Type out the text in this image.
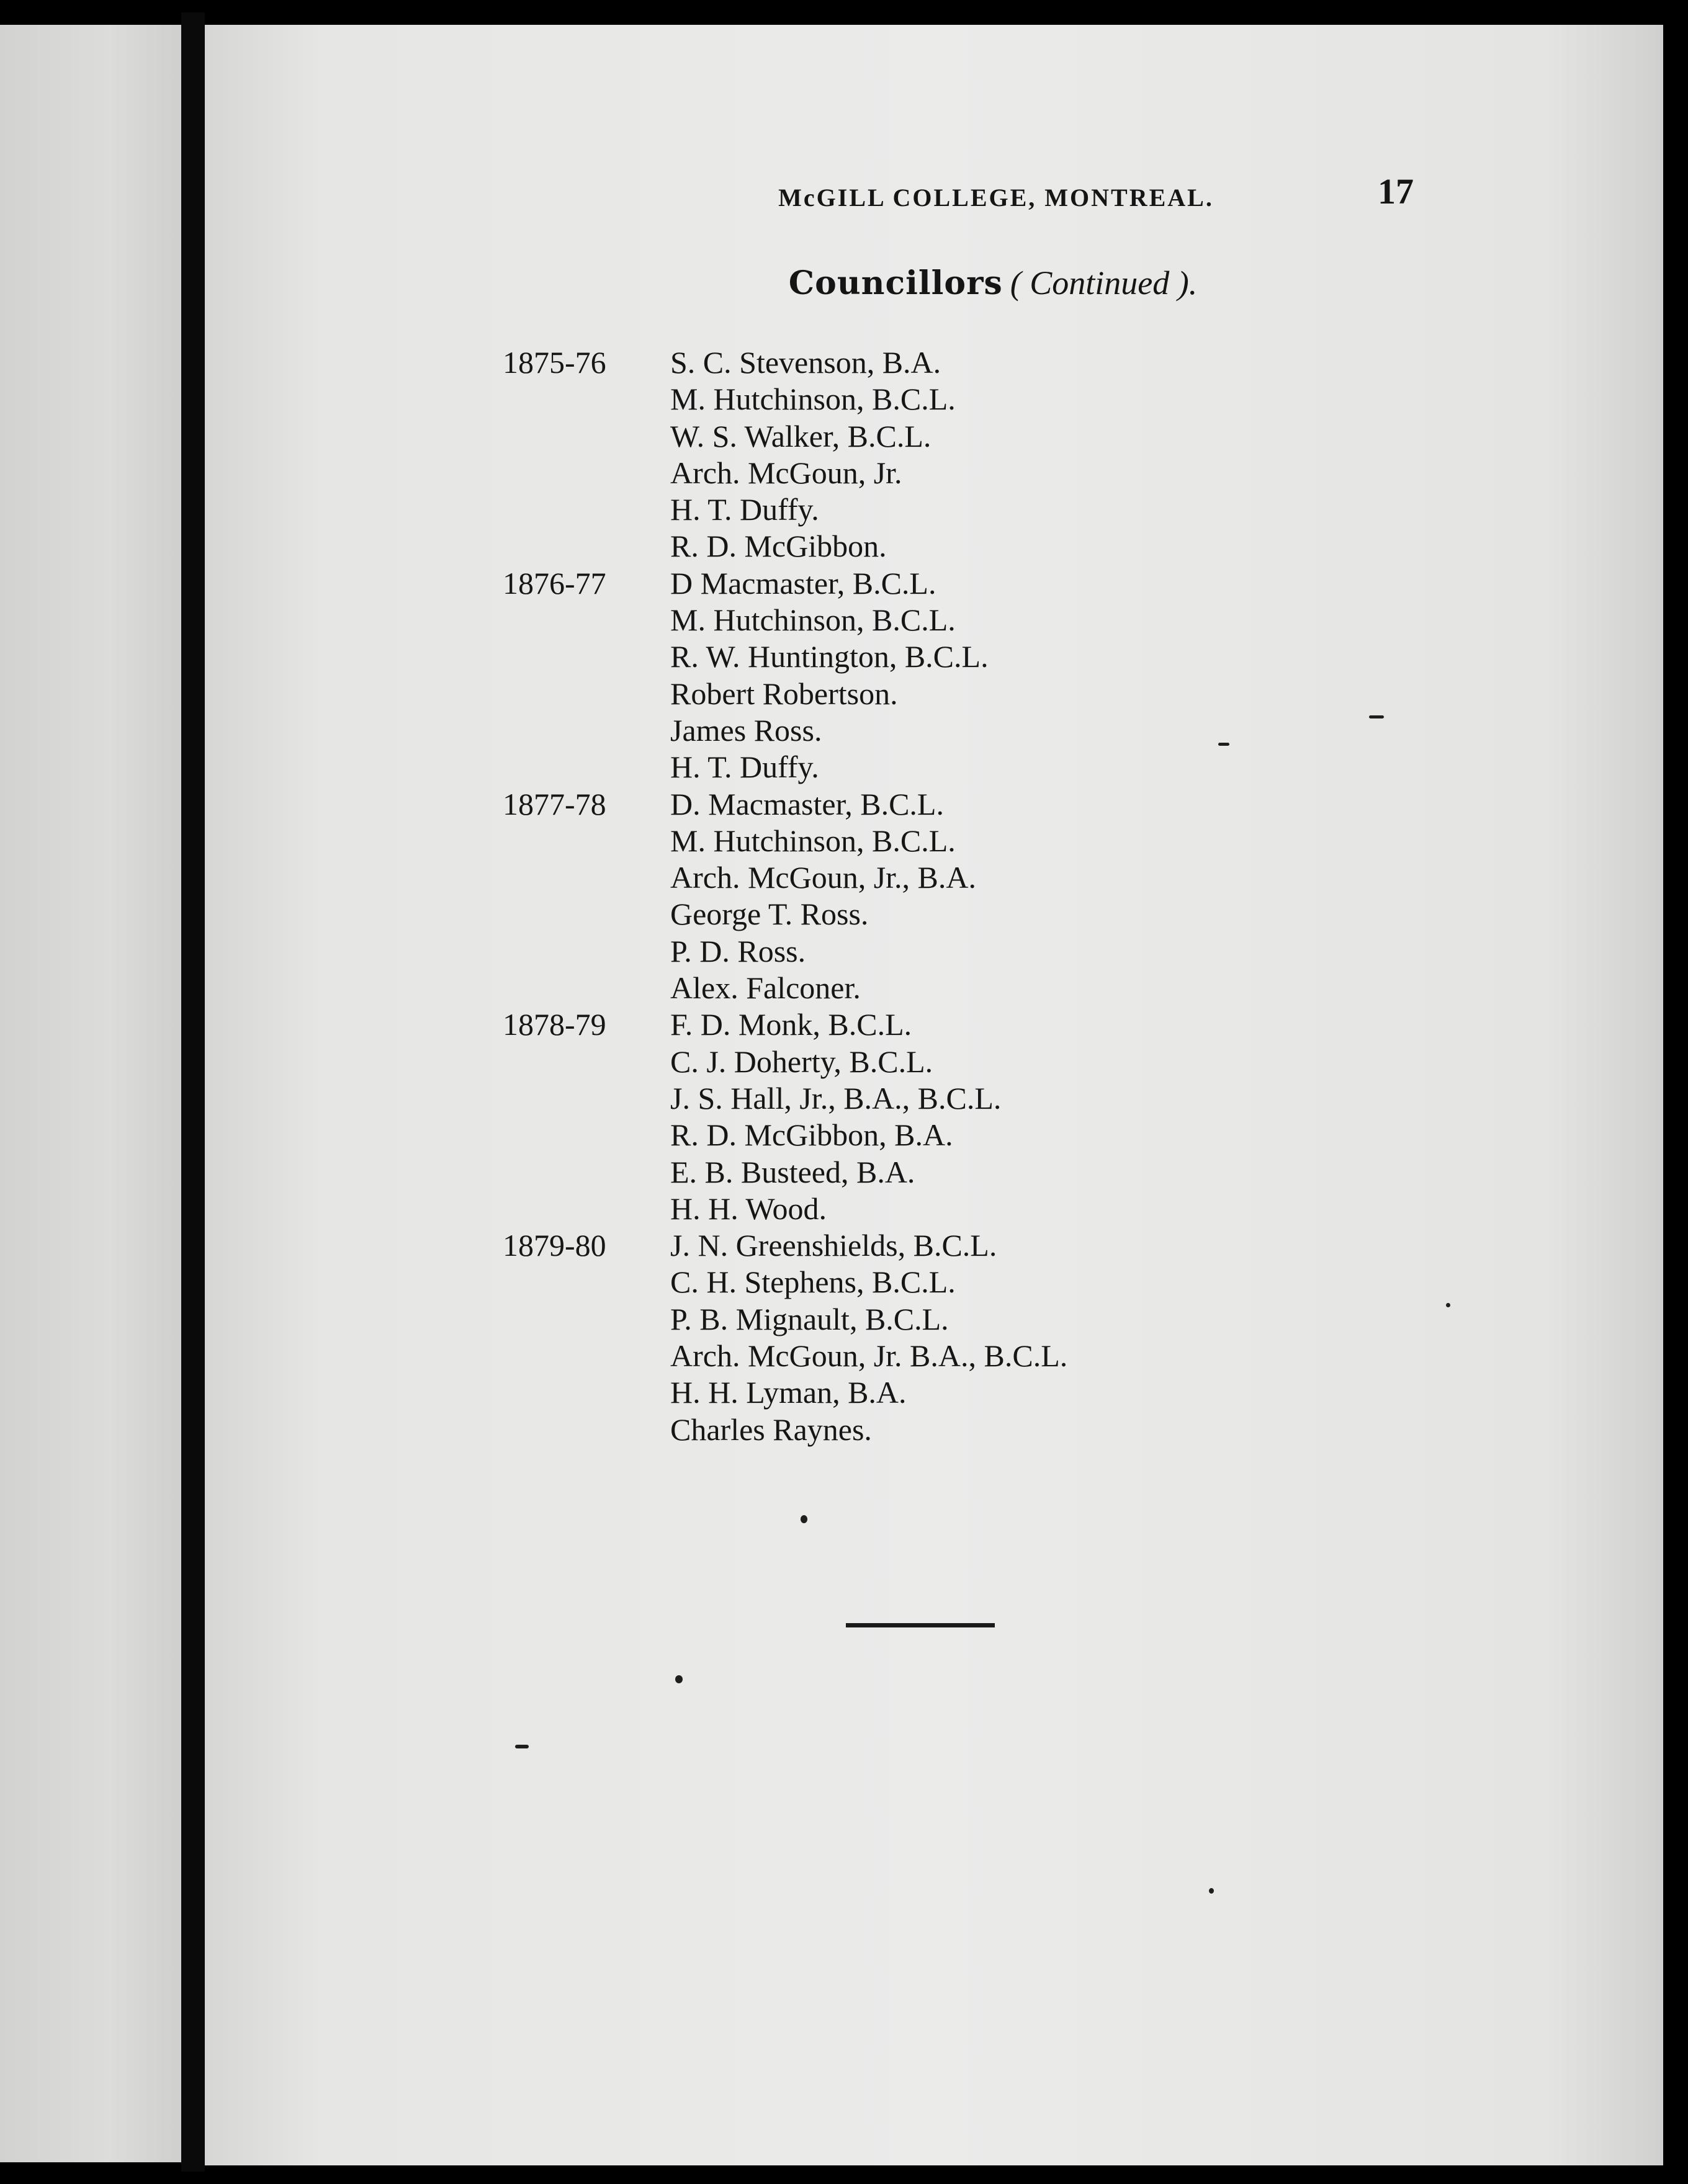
McGILL COLLEGE, MONTREAL.	17
Councillors ( Continued ).
1875-76	S. C. Stevenson, B.A.
M. Hutchinson, B.C.L.
W. S. Walker, B.C.L.
Arch. McGoun, Jr.
H. T. Duffy.
R. D. McGibbon.
1876-77	D Macmaster, B.C.L.
M. Hutchinson, B.C.L.
R. W. Huntington, B.C.L.
Robert Robertson.
James Ross.
H. T. Duffy.
1877-78	D. Macmaster, B.C.L.
M. Hutchinson, B.C.L.
Arch. McGoun, Jr., B.A.
George T. Ross.
P. D. Ross.
Alex. Falconer.
1878-79	F. D. Monk, B.C.L.
C. J. Doherty, B.C.L.
J. S. Hall, Jr., B.A., B.C.L.
R. D. McGibbon, B.A.
E. B. Busteed, B.A.
H. H. Wood.
1879-80	J. N. Greenshields, B.C.L.
C. H. Stephens, B.C.L.
P. B. Mignault, B.C.L.
Arch. McGoun, Jr. B.A., B.C.L.
H. H. Lyman, B.A.
Charles Raynes.
